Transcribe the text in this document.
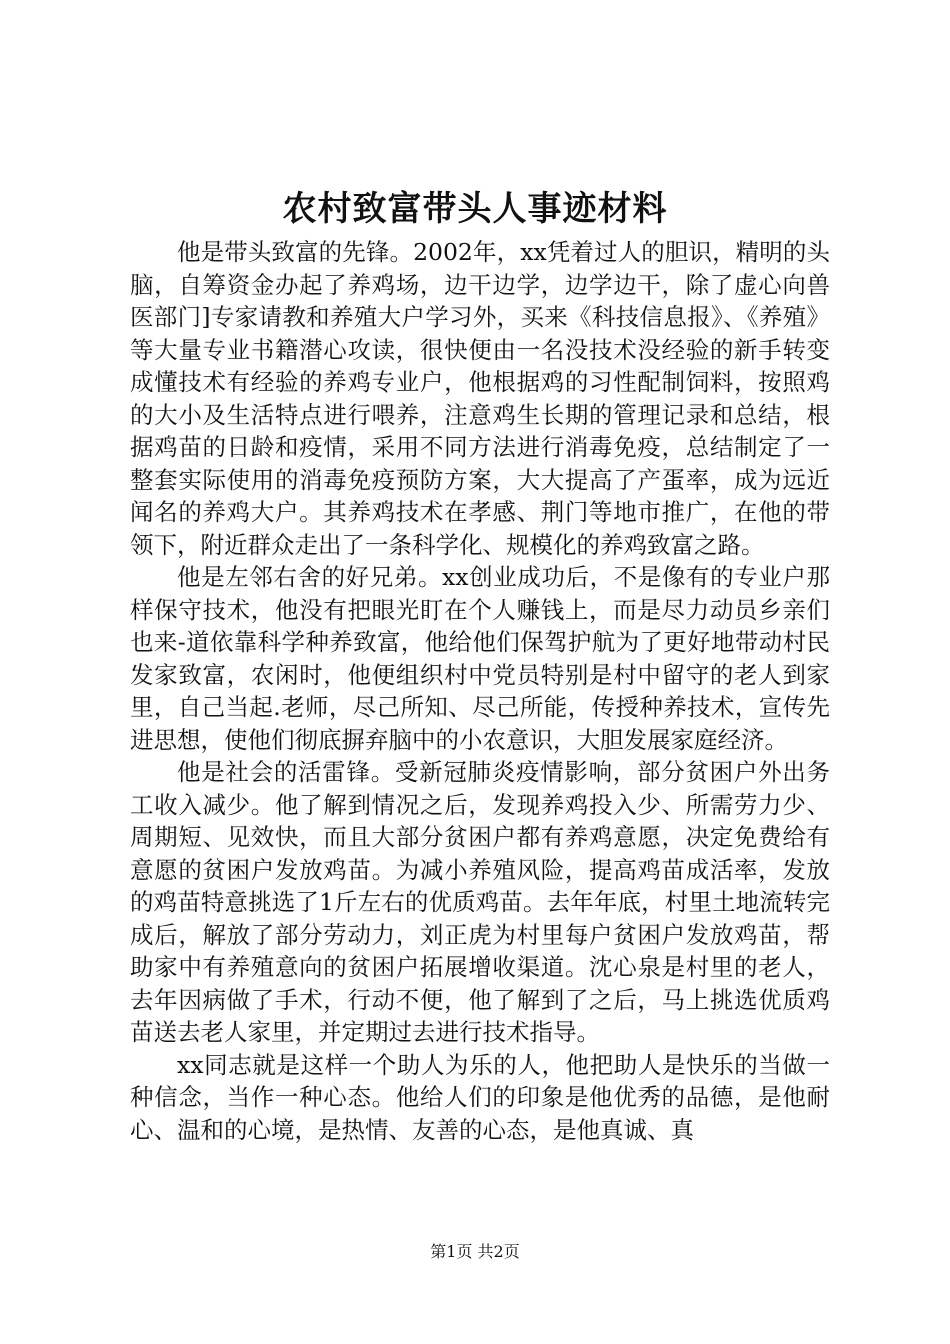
农村致富带头人事迹材料

他是带头致富的先锋。2002年，xx凭着过人的胆识，精明的头脑，自筹资金办起了养鸡场，边干边学，边学边干，除了虚心向兽医部门]专家请教和养殖大户学习外，买来《科技信息报》、《养殖》等大量专业书籍潜心攻读，很快便由一名没技术没经验的新手转变成懂技术有经验的养鸡专业户，他根据鸡的习性配制饲料，按照鸡的大小及生活特点进行喂养，注意鸡生长期的管理记录和总结，根据鸡苗的日龄和疫情，采用不同方法进行消毒免疫，总结制定了一整套实际使用的消毒免疫预防方案，大大提高了产蛋率，成为远近闻名的养鸡大户。其养鸡技术在孝感、荆门等地市推广，在他的带领下，附近群众走出了一条科学化、规模化的养鸡致富之路。

他是左邻右舍的好兄弟。xx创业成功后，不是像有的专业户那样保守技术，他没有把眼光盯在个人赚钱上，而是尽力动员乡亲们也来-道依靠科学种养致富，他给他们保驾护航为了更好地带动村民发家致富，农闲时，他便组织村中党员特别是村中留守的老人到家里，自己当起.老师，尽己所知、尽己所能，传授种养技术，宣传先进思想，使他们彻底摒弃脑中的小农意识，大胆发展家庭经济。

他是社会的活雷锋。受新冠肺炎疫情影响，部分贫困户外出务工收入减少。他了解到情况之后，发现养鸡投入少、所需劳力少、周期短、见效快，而且大部分贫困户都有养鸡意愿，决定免费给有意愿的贫困户发放鸡苗。为减小养殖风险，提高鸡苗成活率，发放的鸡苗特意挑选了1斤左右的优质鸡苗。去年年底，村里土地流转完成后，解放了部分劳动力，刘正虎为村里每户贫困户发放鸡苗，帮助家中有养殖意向的贫困户拓展增收渠道。沈心泉是村里的老人，去年因病做了手术，行动不便，他了解到了之后，马上挑选优质鸡苗送去老人家里，并定期过去进行技术指导。

xx同志就是这样一个助人为乐的人，他把助人是快乐的当做一种信念，当作一种心态。他给人们的印象是他优秀的品德，是他耐心、温和的心境，是热情、友善的心态，是他真诚、真

第1页 共2页
